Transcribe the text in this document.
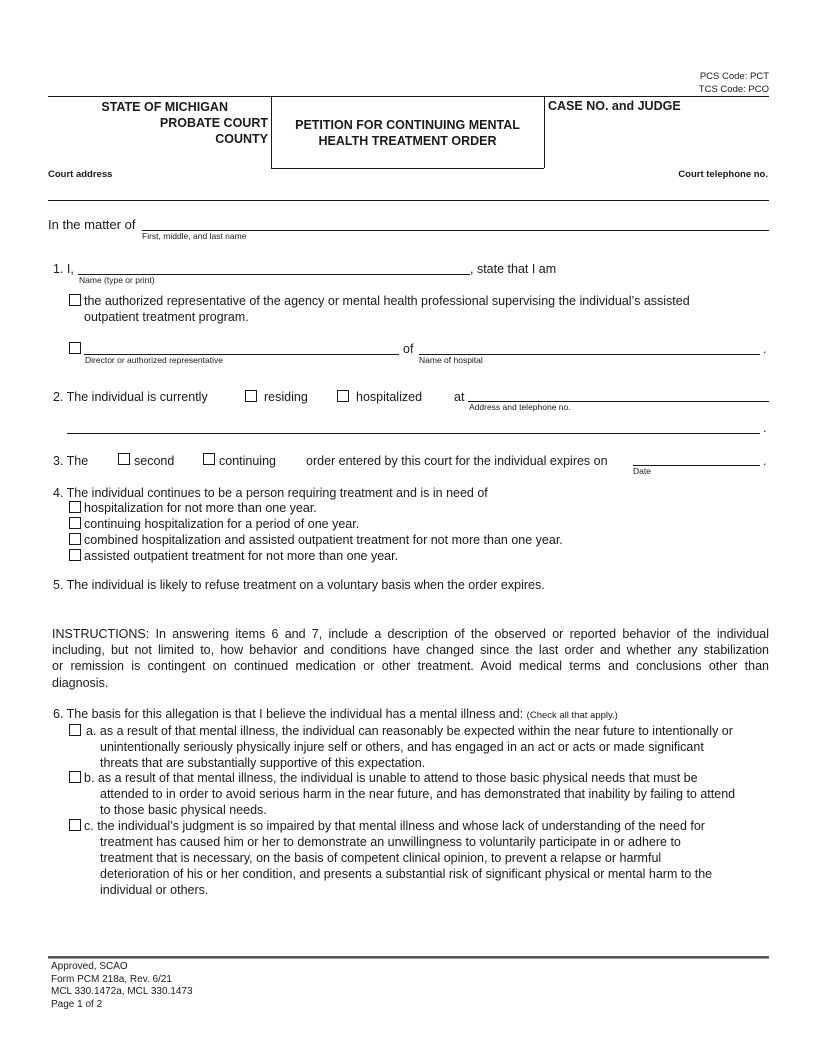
PCS Code: PCT
TCS Code: PCO
STATE OF MICHIGAN
PROBATE COURT
COUNTY
PETITION FOR CONTINUING MENTAL
HEALTH TREATMENT ORDER
CASE NO. and JUDGE
Court address	Court telephone no.
In the matter of
First, middle, and last name
1. I,
Name (type or print)
, state that I am
the authorized representative of the agency or mental health professional supervising the individual’s assisted
outpatient treatment program.
Director or authorized representative
of
Name of hospital
.
2. The individual is currently	residing	hospitalized	at
Address and telephone no.
.
3. The	second	continuing order entered by this court for the individual expires on
Date
.
4. The individual continues to be a person requiring treatment and is in need of
hospitalization for not more than one year.
continuing hospitalization for a period of one year.
combined hospitalization and assisted outpatient treatment for not more than one year.
assisted outpatient treatment for not more than one year.
5. The individual is likely to refuse treatment on a voluntary basis when the order expires.
INSTRUCTIONS: In answering items 6 and 7, include a description of the observed or reported behavior of the individual
including, but not limited to, how behavior and conditions have changed since the last order and whether any stabilization
or remission is contingent on continued medication or other treatment. Avoid medical terms and conclusions other than
diagnosis.
6. The basis for this allegation is that I believe the individual has a mental illness and: (Check all that apply.)
a. as a result of that mental illness, the individual can reasonably be expected within the near future to intentionally or
unintentionally seriously physically injure self or others, and has engaged in an act or acts or made significant
threats that are substantially supportive of this expectation.
b. as a result of that mental illness, the individual is unable to attend to those basic physical needs that must be
attended to in order to avoid serious harm in the near future, and has demonstrated that inability by failing to attend
to those basic physical needs.
c. the individual’s judgment is so impaired by that mental illness and whose lack of understanding of the need for
treatment has caused him or her to demonstrate an unwillingness to voluntarily participate in or adhere to
treatment that is necessary, on the basis of competent clinical opinion, to prevent a relapse or harmful
deterioration of his or her condition, and presents a substantial risk of significant physical or mental harm to the
individual or others.
Approved, SCAO
Form PCM 218a, Rev. 6/21
MCL 330.1472a, MCL 330.1473
Page 1 of 2
